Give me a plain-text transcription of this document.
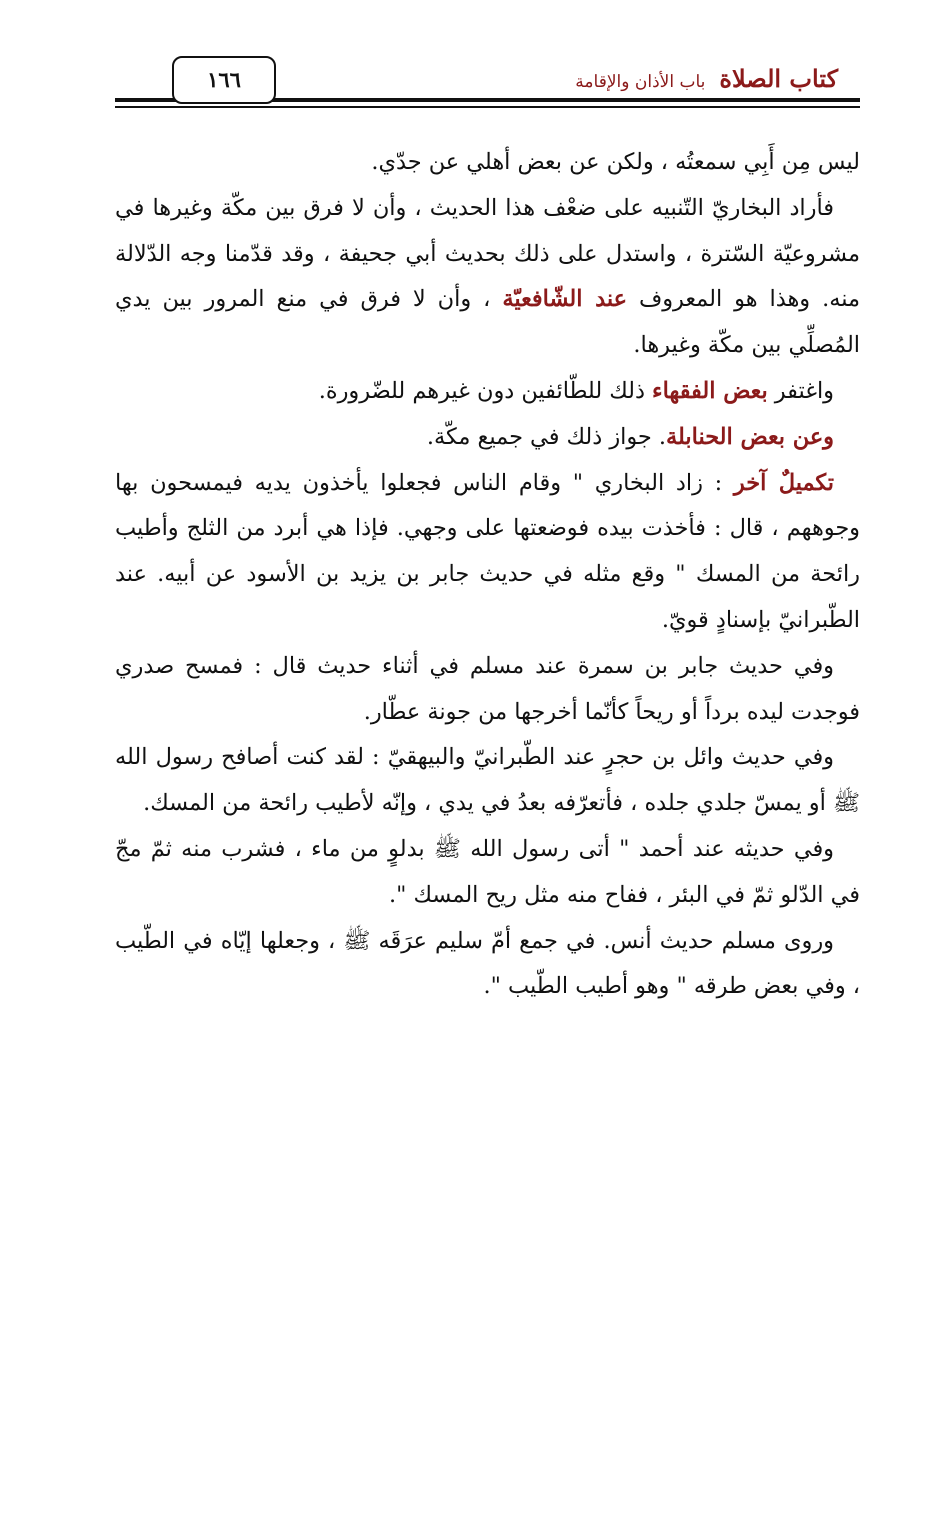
كتاب الصلاةباب الأذان والإقامة
١٦٦

ليس مِن أَبِي سمعتُه ، ولكن عن بعض أهلي عن جدّي.

فأراد البخاريّ التّنبيه على ضعْف هذا الحديث ، وأن لا فرق بين مكّة وغيرها في مشروعيّة السّترة ، واستدل على ذلك بحديث أبي جحيفة ، وقد قدّمنا وجه الدّلالة منه. وهذا هو المعروف عند الشّافعيّة ، وأن لا فرق في منع المرور بين يدي المُصلِّي بين مكّة وغيرها.

واغتفر بعض الفقهاء ذلك للطّائفين دون غيرهم للضّرورة.

وعن بعض الحنابلة. جواز ذلك في جميع مكّة.

تكميلٌ آخر : زاد البخاري " وقام الناس فجعلوا يأخذون يديه فيمسحون بها وجوههم ، قال : فأخذت بيده فوضعتها على وجهي. فإذا هي أبرد من الثلج وأطيب رائحة من المسك " وقع مثله في حديث جابر بن يزيد بن الأسود عن أبيه. عند الطّبرانيّ بإسنادٍ قويّ.

وفي حديث جابر بن سمرة عند مسلم في أثناء حديث قال : فمسح صدري فوجدت ليده برداً أو ريحاً كأنّما أخرجها من جونة عطّار.

وفي حديث وائل بن حجرٍ عند الطّبرانيّ والبيهقيّ : لقد كنت أصافح رسول الله ﷺ أو يمسّ جلدي جلده ، فأتعرّفه بعدُ في يدي ، وإنّه لأطيب رائحة من المسك.

وفي حديثه عند أحمد " أتى رسول الله ﷺ بدلوٍ من ماء ، فشرب منه ثمّ مجّ في الدّلو ثمّ في البئر ، ففاح منه مثل ريح المسك ".

وروى مسلم حديث أنس. في جمع أمّ سليم عرَقَه ﷺ ، وجعلها إيّاه في الطّيب ، وفي بعض طرقه " وهو أطيب الطّيب ".
